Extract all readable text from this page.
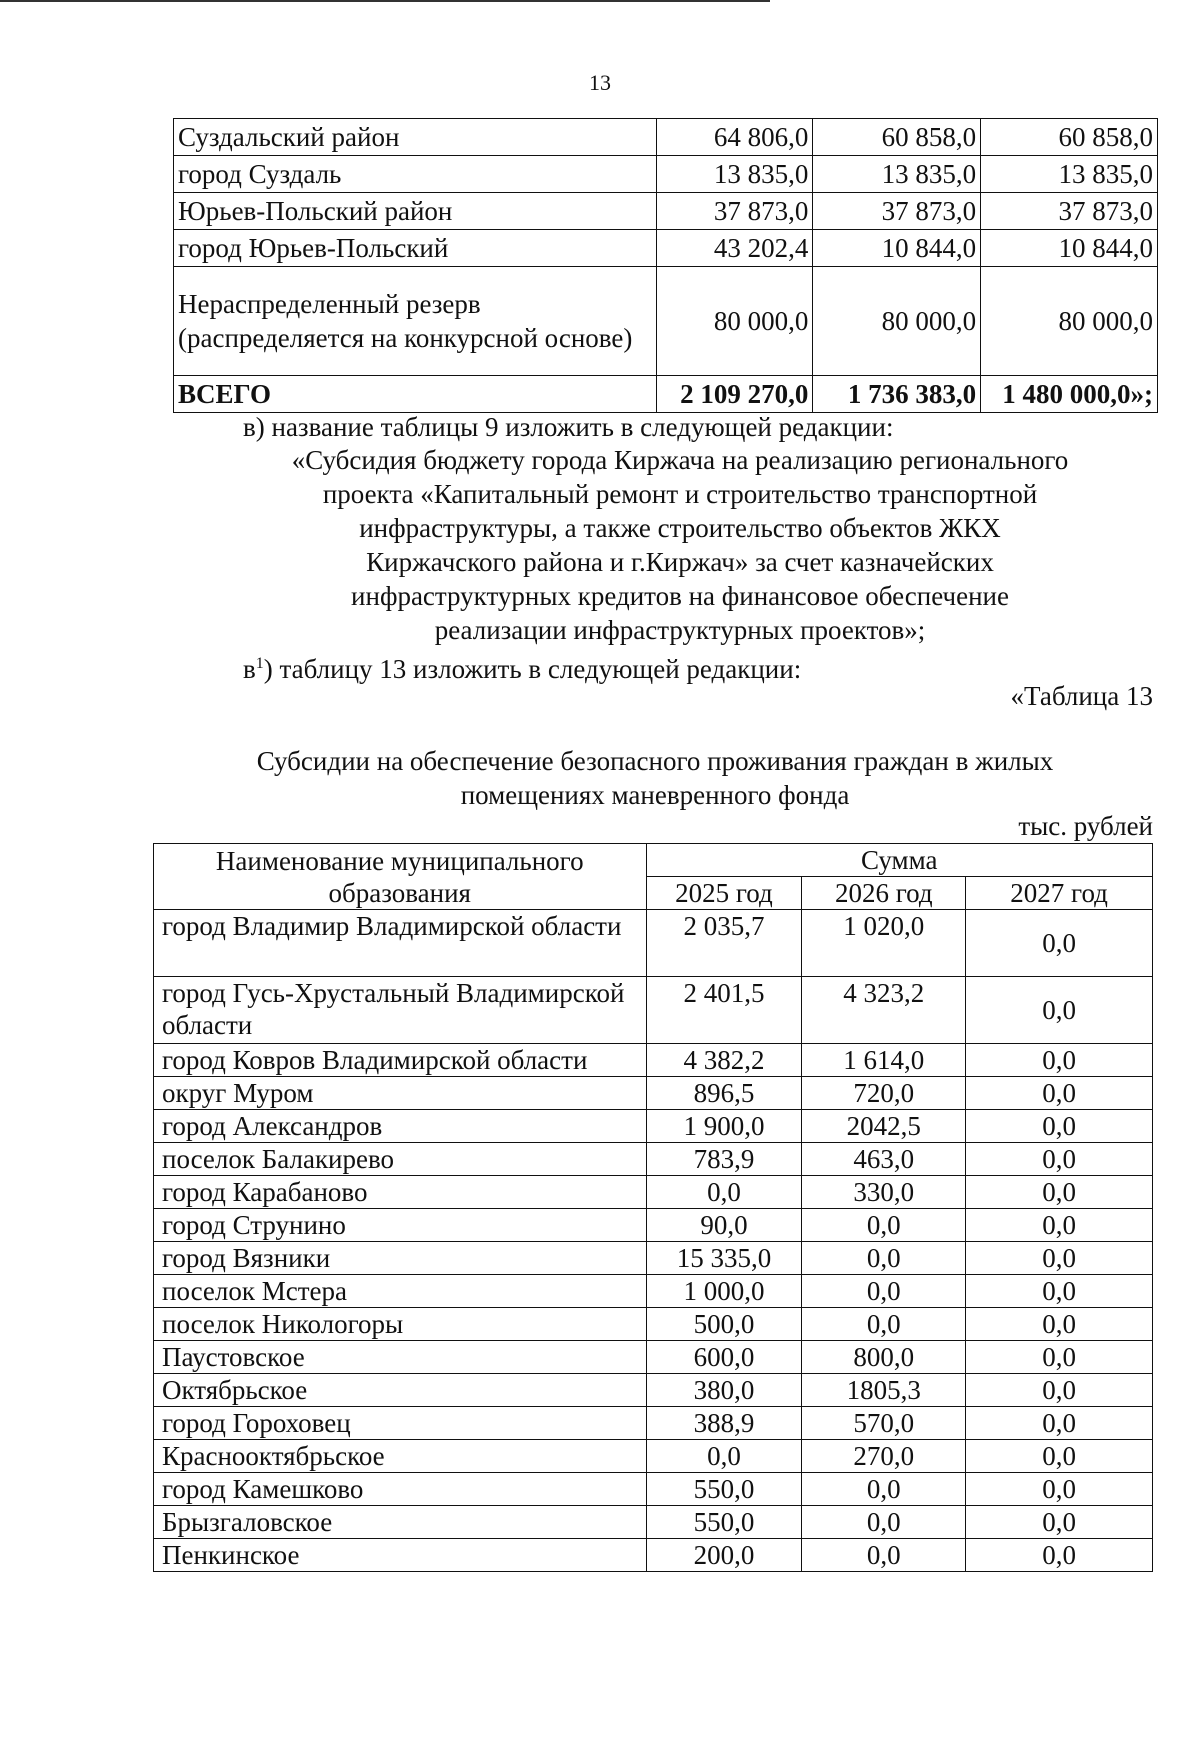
13
Суздальский район	64 806,0	60 858,0	60 858,0
город Суздаль	13 835,0	13 835,0	13 835,0
Юрьев-Польский район	37 873,0	37 873,0	37 873,0
город Юрьев-Польский	43 202,4	10 844,0	10 844,0
Нераспределенный резерв (распределяется на конкурсной основе)	80 000,0	80 000,0	80 000,0
ВСЕГО	2 109 270,0	1 736 383,0	1 480 000,0»;
в) название таблицы 9 изложить в следующей редакции:
«Субсидия бюджету города Киржача на реализацию регионального
проекта «Капитальный ремонт и строительство транспортной
инфраструктуры, а также строительство объектов ЖКХ
Киржачского района и г.Киржач» за счет казначейских
инфраструктурных кредитов на финансовое обеспечение
реализации инфраструктурных проектов»;
$в^1$) таблицу 13 изложить в следующей редакции:
«Таблица 13
Субсидии на обеспечение безопасного проживания граждан в жилых
помещениях маневренного фонда
тыс. рублей
Наименование муниципального образования	Сумма		
	2025 год	2026 год	2027 год
город Владимир Владимирской области	2 035,7	1 020,0	0,0
город Гусь-Хрустальный Владимирской области	2 401,5	4 323,2	0,0
город Ковров Владимирской области	4 382,2	1 614,0	0,0
округ Муром	896,5	720,0	0,0
город Александров	1 900,0	2042,5	0,0
поселок Балакирево	783,9	463,0	0,0
город Карабаново	0,0	330,0	0,0
город Струнино	90,0	0,0	0,0
город Вязники	15 335,0	0,0	0,0
поселок Мстера	1 000,0	0,0	0,0
поселок Никологоры	500,0	0,0	0,0
Паустовское	600,0	800,0	0,0
Октябрьское	380,0	1805,3	0,0
город Гороховец	388,9	570,0	0,0
Краснооктябрьское	0,0	270,0	0,0
город Камешково	550,0	0,0	0,0
Брызгаловское	550,0	0,0	0,0
Пенкинское	200,0	0,0	0,0
